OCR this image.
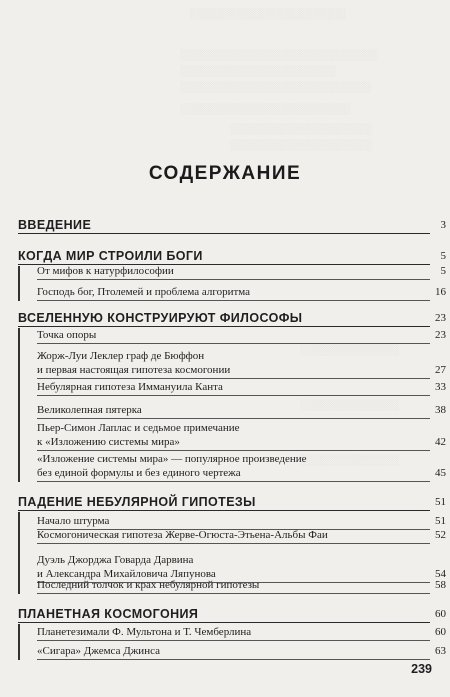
░░░░░░░░░░░░░░░░░░░░
░░░░░░░░░░░░░░░░░░░░░░░░░░░░
░░░░░░░░░░░░░░░░░░░░░░
░░░░░░░░░░░░░░░░░░░░░░░░░░░
░░░░░░░░░░░░░░░░░░░░░░░░
░░░░░░░░░░░░░░░░░░░░
░░░░░░░░░░░░░░░░░░░░
░░░░░░░░░░░░░░
░░░░░░░░░░░░░░
░░░░░░░░░░░░░░
СОДЕРЖАНИЕ
ВВЕДЕНИЕ	3
КОГДА МИР СТРОИЛИ БОГИ	5
От мифов к натурфилософии	5
Господь бог, Птолемей и проблема алгоритма	16
ВСЕЛЕННУЮ КОНСТРУИРУЮТ ФИЛОСОФЫ	23
Точка опоры	23
Жорж-Луи Леклер граф де Бюффон
и первая настоящая гипотеза космогонии	27
Небулярная гипотеза Иммануила Канта	33
Великолепная пятерка	38
Пьер-Симон Лаплас и седьмое примечание
к «Изложению системы мира»	42
«Изложение системы мира» — популярное произведение
без единой формулы и без единого чертежа	45
ПАДЕНИЕ НЕБУЛЯРНОЙ ГИПОТЕЗЫ	51
Начало штурма	51
Космогоническая гипотеза Жерве-Огюста-Этьена-Альбы Фаи	52
Дуэль Джорджа Говарда Дарвина
и Александра Михайловича Ляпунова	54
Последний толчок и крах небулярной гипотезы	58
ПЛАНЕТНАЯ КОСМОГОНИЯ	60
Планетезимали Ф. Мультона и Т. Чемберлина	60
«Сигара» Джемса Джинса	63
239
